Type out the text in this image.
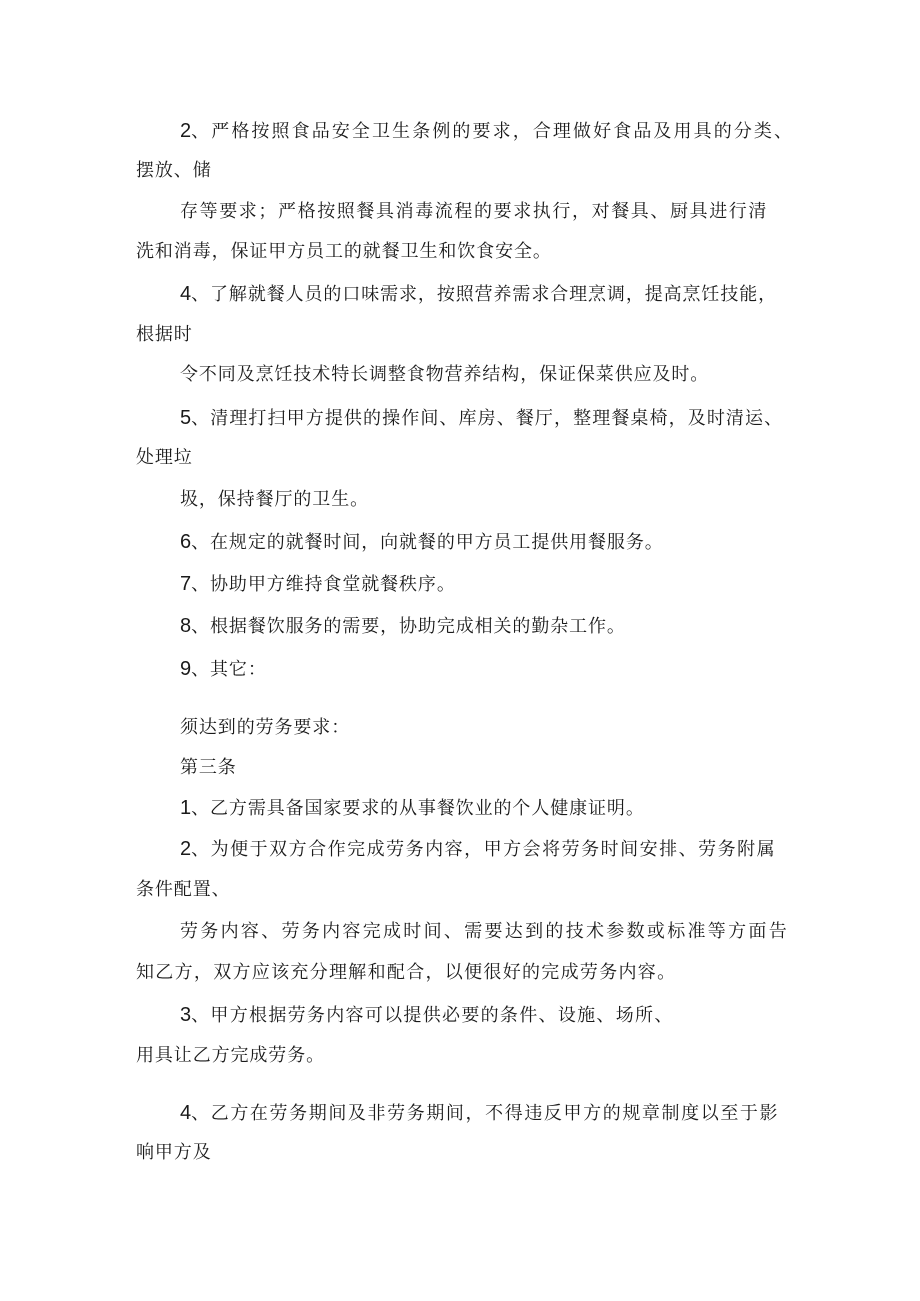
2、严格按照食品安全卫生条例的要求，合理做好食品及用具的分类、
摆放、储
存等要求；严格按照餐具消毒流程的要求执行，对餐具、厨具进行清
洗和消毒，保证甲方员工的就餐卫生和饮食安全。
4、了解就餐人员的口味需求，按照营养需求合理烹调，提高烹饪技能，
根据时
令不同及烹饪技术特长调整食物营养结构，保证保菜供应及时。
5、清理打扫甲方提供的操作间、库房、餐厅，整理餐桌椅，及时清运、
处理垃
圾，保持餐厅的卫生。
6、在规定的就餐时间，向就餐的甲方员工提供用餐服务。
7、协助甲方维持食堂就餐秩序。
8、根据餐饮服务的需要，协助完成相关的勤杂工作。
9、其它：
须达到的劳务要求：
第三条
1、乙方需具备国家要求的从事餐饮业的个人健康证明。
2、为便于双方合作完成劳务内容，甲方会将劳务时间安排、劳务附属
条件配置、
劳务内容、劳务内容完成时间、需要达到的技术参数或标准等方面告
知乙方，双方应该充分理解和配合，以便很好的完成劳务内容。
3、甲方根据劳务内容可以提供必要的条件、设施、场所、
用具让乙方完成劳务。
4、乙方在劳务期间及非劳务期间，不得违反甲方的规章制度以至于影
响甲方及
